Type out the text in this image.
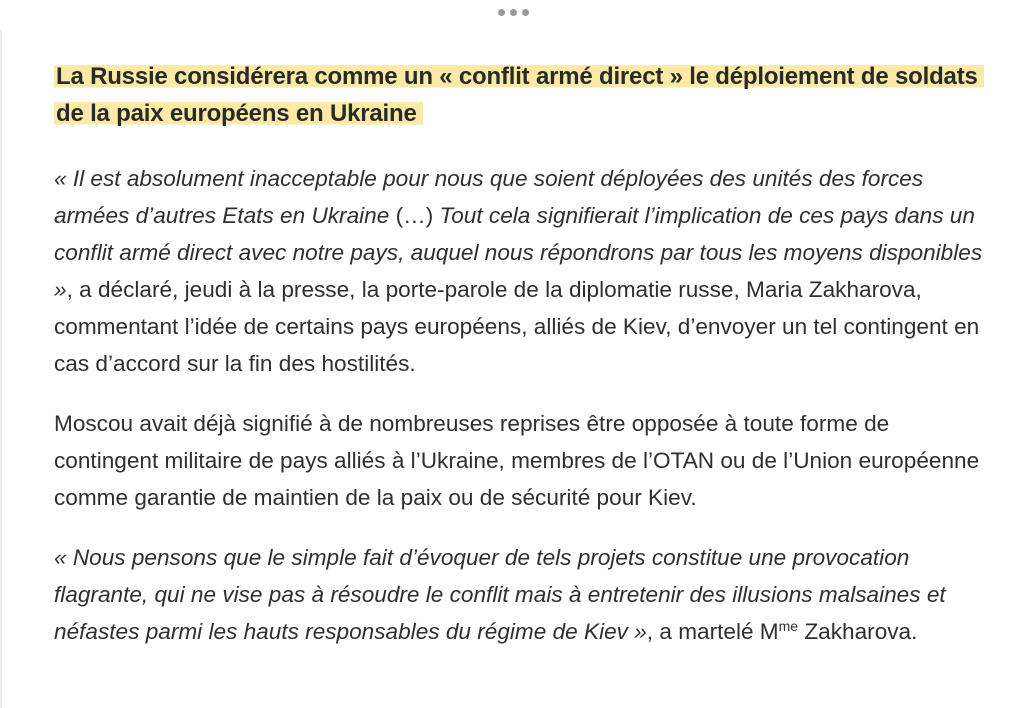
La Russie considérera comme un « conflit armé direct » le déploiement de soldats de la paix européens en Ukraine

« Il est absolument inacceptable pour nous que soient déployées des unités des forces armées d’autres Etats en Ukraine (…) Tout cela signifierait l’implication de ces pays dans un conflit armé direct avec notre pays, auquel nous répondrons par tous les moyens disponibles », a déclaré, jeudi à la presse, la porte-parole de la diplomatie russe, Maria Zakharova, commentant l’idée de certains pays européens, alliés de Kiev, d’envoyer un tel contingent en cas d’accord sur la fin des hostilités.

Moscou avait déjà signifié à de nombreuses reprises être opposée à toute forme de contingent militaire de pays alliés à l’Ukraine, membres de l’OTAN ou de l’Union européenne comme garantie de maintien de la paix ou de sécurité pour Kiev.

« Nous pensons que le simple fait d’évoquer de tels projets constitue une provocation flagrante, qui ne vise pas à résoudre le conflit mais à entretenir des illusions malsaines et néfastes parmi les hauts responsables du régime de Kiev », a martelé $M^{me}$ Zakharova.
